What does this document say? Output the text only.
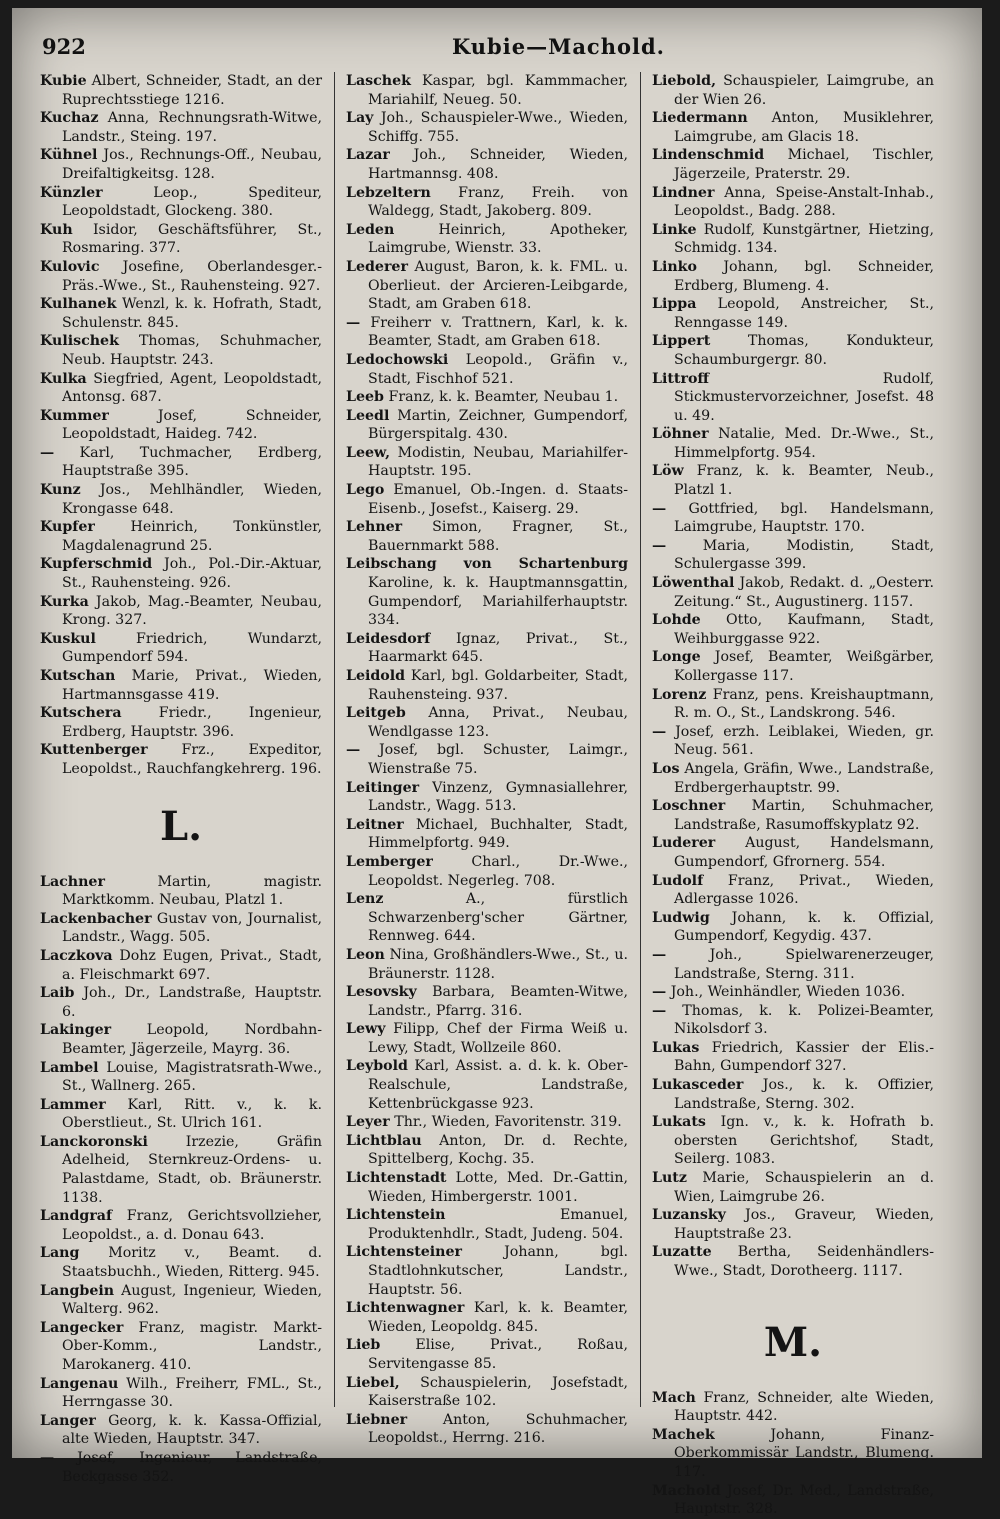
922	Kubie—Machold.
Kubie Albert, Schneider, Stadt, an der Ruprechtsstiege 1216.
Kuchaz Anna, Rechnungsrath-Witwe, Landstr., Steing. 197.
Kühnel Jos., Rechnungs-Off., Neubau, Dreifaltigkeitsg. 128.
Künzler	Leop., Spediteur, Leopoldstadt, Glockeng. 380.
Kuh Isidor, Geschäftsführer, St., Rosmaring. 377.
Kulovic Josefine, Oberlandesger.-Präs.-Wwe., St., Rauhensteing. 927.
Kulhanek Wenzl, k. k. Hofrath, Stadt, Schulenstr. 845.
Kulischek Thomas, Schuhmacher, Neub. Hauptstr. 243.
Kulka Siegfried, Agent, Leopoldstadt, Antonsg. 687.
Kummer	Josef, Schneider, Leopoldstadt, Haideg. 742.
— Karl, Tuchmacher, Erdberg, Hauptstraße 395.
Kunz Jos., Mehlhändler, Wieden, Krongasse 648.
Kupfer	Heinrich, Tonkünstler, Magdalenagrund 25.
Kupferschmid Joh., Pol.-Dir.-Aktuar, St., Rauhensteing. 926.
Kurka Jakob, Mag.-Beamter, Neubau, Krong. 327.
Kuskul	Friedrich, Wundarzt, Gumpendorf 594.
Kutschan Marie, Privat., Wieden, Hartmannsgasse 419.
Kutschera	Friedr., Ingenieur, Erdberg, Hauptstr. 396.
Kuttenberger Frz., Expeditor, Leopoldst., Rauchfangkehrerg. 196.
L.
Lachner	Martin, magistr. Marktkomm. Neubau, Platzl 1.
Lackenbacher Gustav von, Journalist, Landstr., Wagg. 505.
Laczkova Dohz Eugen, Privat., Stadt, a. Fleischmarkt 697.
Laib Joh., Dr., Landstraße, Hauptstr. 6.
Lakinger	Leopold, Nordbahn-Beamter, Jägerzeile, Mayrg. 36.
Lambel Louise, Magistratsrath-Wwe., St., Wallnerg. 265.
Lammer Karl, Ritt. v., k. k. Oberstlieut., St. Ulrich 161.
Lanckoronski	Irzezie, Gräfin Adelheid, Sternkreuz-Ordens- u. Palastdame, Stadt, ob. Bräunerstr. 1138.
Landgraf Franz, Gerichtsvollzieher, Leopoldst., a. d. Donau 643.
Lang Moritz v., Beamt. d. Staatsbuchh., Wieden, Ritterg. 945.
Langbein August, Ingenieur, Wieden, Walterg. 962.
Langecker Franz, magistr. Markt-Ober-Komm., Landstr., Marokanerg. 410.
Langenau Wilh., Freiherr, FML., St., Herrngasse 30.
Langer Georg, k. k. Kassa-Offizial, alte Wieden, Hauptstr. 347.
— Josef, Ingenieur, Landstraße, Beckgasse 352.
Laschek Kaspar, bgl. Kammmacher, Mariahilf, Neueg. 50.
Lay Joh., Schauspieler-Wwe., Wieden, Schiffg. 755.
Lazar Joh., Schneider, Wieden, Hartmannsg. 408.
Lebzeltern Franz, Freih. von Waldegg, Stadt, Jakoberg. 809.
Leden	Heinrich, Apotheker, Laimgrube, Wienstr. 33.
Lederer August, Baron, k. k. FML. u. Oberlieut. der Arcieren-Leibgarde, Stadt, am Graben 618.
— Freiherr v. Trattnern, Karl, k. k. Beamter, Stadt, am Graben 618.
Ledochowski Leopold., Gräfin v., Stadt, Fischhof 521.
Leeb Franz, k. k. Beamter, Neubau 1.
Leedl Martin, Zeichner, Gumpendorf, Bürgerspitalg. 430.
Leew, Modistin, Neubau, Mariahilfer-Hauptstr. 195.
Lego Emanuel, Ob.-Ingen. d. Staats-Eisenb., Josefst., Kaiserg. 29.
Lehner Simon, Fragner, St., Bauernmarkt 588.
Leibschang von Schartenburg Karoline, k. k. Hauptmannsgattin, Gumpendorf, Mariahilferhauptstr. 334.
Leidesdorf Ignaz, Privat., St., Haarmarkt 645.
Leidold Karl, bgl. Goldarbeiter, Stadt, Rauhensteing. 937.
Leitgeb Anna, Privat., Neubau, Wendlgasse 123.
— Josef, bgl. Schuster, Laimgr., Wienstraße 75.
Leitinger Vinzenz, Gymnasiallehrer, Landstr., Wagg. 513.
Leitner Michael, Buchhalter, Stadt, Himmelpfortg. 949.
Lemberger	Charl., Dr.-Wwe., Leopoldst. Negerleg. 708.
Lenz	A., fürstlich Schwarzenberg'scher Gärtner, Rennweg. 644.
Leon Nina, Großhändlers-Wwe., St., u. Bräunerstr. 1128.
Lesovsky Barbara, Beamten-Witwe, Landstr., Pfarrg. 316.
Lewy Filipp, Chef der Firma Weiß u. Lewy, Stadt, Wollzeile 860.
Leybold Karl, Assist. a. d. k. k. Ober-Realschule, Landstraße, Kettenbrückgasse 923.
Leyer Thr., Wieden, Favoritenstr. 319.
Lichtblau Anton, Dr. d. Rechte, Spittelberg, Kochg. 35.
Lichtenstadt Lotte, Med. Dr.-Gattin, Wieden, Himbergerstr. 1001.
Lichtenstein	Emanuel, Produktenhdlr., Stadt, Judeng. 504.
Lichtensteiner	Johann, bgl. Stadtlohnkutscher, Landstr., Hauptstr. 56.
Lichtenwagner Karl, k. k. Beamter, Wieden, Leopoldg. 845.
Lieb Elise, Privat., Roßau, Servitengasse 85.
Liebel, Schauspielerin, Josefstadt, Kaiserstraße 102.
Liebner	Anton, Schuhmacher, Leopoldst., Herrng. 216.
Liebold, Schauspieler, Laimgrube, an der Wien 26.
Liedermann Anton, Musiklehrer, Laimgrube, am Glacis 18.
Lindenschmid Michael, Tischler, Jägerzeile, Praterstr. 29.
Lindner Anna, Speise-Anstalt-Inhab., Leopoldst., Badg. 288.
Linke Rudolf, Kunstgärtner, Hietzing, Schmidg. 134.
Linko Johann, bgl. Schneider, Erdberg, Blumeng. 4.
Lippa Leopold, Anstreicher, St., Renngasse 149.
Lippert	Thomas, Kondukteur, Schaumburgergr. 80.
Littroff	Rudolf, Stickmustervorzeichner, Josefst. 48 u. 49.
Löhner Natalie, Med. Dr.-Wwe., St., Himmelpfortg. 954.
Löw Franz, k. k. Beamter, Neub., Platzl 1.
— Gottfried, bgl. Handelsmann, Laimgrube, Hauptstr. 170.
—	Maria, Modistin, Stadt, Schulergasse 399.
Löwenthal Jakob, Redakt. d. „Oesterr. Zeitung.“ St., Augustinerg. 1157.
Lohde Otto, Kaufmann, Stadt, Weihburggasse 922.
Longe Josef, Beamter, Weißgärber, Kollergasse 117.
Lorenz Franz, pens. Kreishauptmann, R. m. O., St., Landskrong. 546.
— Josef, erzh. Leiblakei, Wieden, gr. Neug. 561.
Los Angela, Gräfin, Wwe., Landstraße, Erdbergerhauptstr. 99.
Loschner Martin, Schuhmacher, Landstraße, Rasumoffskyplatz 92.
Luderer August, Handelsmann, Gumpendorf, Gfrornerg. 554.
Ludolf Franz, Privat., Wieden, Adlergasse 1026.
Ludwig Johann, k. k. Offizial, Gumpendorf, Kegydig. 437.
—	Joh., Spielwarenerzeuger, Landstraße, Sterng. 311.
— Joh., Weinhändler, Wieden 1036.
— Thomas, k. k. Polizei-Beamter, Nikolsdorf 3.
Lukas Friedrich, Kassier der Elis.-Bahn, Gumpendorf 327.
Lukasceder Jos., k. k. Offizier, Landstraße, Sterng. 302.
Lukats Ign. v., k. k. Hofrath b. obersten Gerichtshof, Stadt, Seilerg. 1083.
Lutz Marie, Schauspielerin an d. Wien, Laimgrube 26.
Luzansky Jos., Graveur, Wieden, Hauptstraße 23.
Luzatte Bertha, Seidenhändlers-Wwe., Stadt, Dorotheerg. 1117.
M.
Mach Franz, Schneider, alte Wieden, Hauptstr. 442.
Machek	Johann, Finanz-Oberkommissär Landstr., Blumeng. 117.
Machold Josef, Dr. Med., Landstraße, Hauptstr. 328.
